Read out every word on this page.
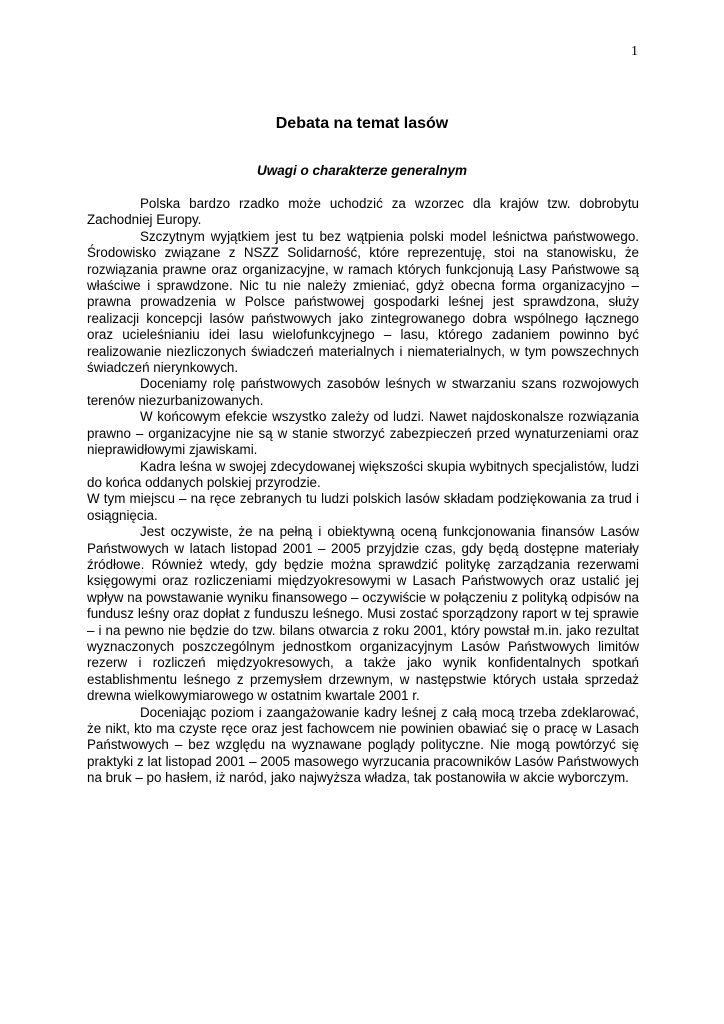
1
Debata na temat lasów
Uwagi o charakterze generalnym

Polska bardzo rzadko może uchodzić za wzorzec dla krajów tzw. dobrobytu Zachodniej Europy.

Szczytnym wyjątkiem jest tu bez wątpienia polski model leśnictwa państwowego. Środowisko związane z NSZZ Solidarność, które reprezentuję, stoi na stanowisku, że rozwiązania prawne oraz organizacyjne, w ramach których funkcjonują Lasy Państwowe są właściwe i sprawdzone. Nic tu nie należy zmieniać, gdyż obecna forma organizacyjno – prawna prowadzenia w Polsce państwowej gospodarki leśnej jest sprawdzona, służy realizacji koncepcji lasów państwowych jako zintegrowanego dobra wspólnego łącznego oraz ucieleśnianiu idei lasu wielofunkcyjnego – lasu, którego zadaniem powinno być realizowanie niezliczonych świadczeń materialnych i niematerialnych, w tym powszechnych świadczeń nierynkowych.

Doceniamy rolę państwowych zasobów leśnych w stwarzaniu szans rozwojowych terenów niezurbanizowanych.

W końcowym efekcie wszystko zależy od ludzi. Nawet najdoskonalsze rozwiązania prawno – organizacyjne nie są w stanie stworzyć zabezpieczeń przed wynaturzeniami oraz nieprawidłowymi zjawiskami.

Kadra leśna w swojej zdecydowanej większości skupia wybitnych specjalistów, ludzi do końca oddanych polskiej przyrodzie.

W tym miejscu – na ręce zebranych tu ludzi polskich lasów składam podziękowania za trud i osiągnięcia.

Jest oczywiste, że na pełną i obiektywną oceną funkcjonowania finansów Lasów Państwowych w latach listopad 2001 – 2005 przyjdzie czas, gdy będą dostępne materiały źródłowe. Również wtedy, gdy będzie można sprawdzić politykę zarządzania rezerwami księgowymi oraz rozliczeniami międzyokresowymi w Lasach Państwowych oraz ustalić jej wpływ na powstawanie wyniku finansowego – oczywiście w połączeniu z polityką odpisów na fundusz leśny oraz dopłat z funduszu leśnego. Musi zostać sporządzony raport w tej sprawie – i na pewno nie będzie do tzw. bilans otwarcia z roku 2001, który powstał m.in. jako rezultat wyznaczonych poszczególnym jednostkom organizacyjnym Lasów Państwowych limitów rezerw i rozliczeń międzyokresowych, a także jako wynik konfidentalnych spotkań establishmentu leśnego z przemysłem drzewnym, w następstwie których ustała sprzedaż drewna wielkowymiarowego w ostatnim kwartale 2001 r.

Doceniając poziom i zaangażowanie kadry leśnej z całą mocą trzeba zdeklarować, że nikt, kto ma czyste ręce oraz jest fachowcem nie powinien obawiać się o pracę w Lasach Państwowych – bez względu na wyznawane poglądy polityczne. Nie mogą powtórzyć się praktyki z lat listopad 2001 – 2005 masowego wyrzucania pracowników Lasów Państwowych na bruk – po hasłem, iż naród, jako najwyższa władza, tak postanowiła w akcie wyborczym.
